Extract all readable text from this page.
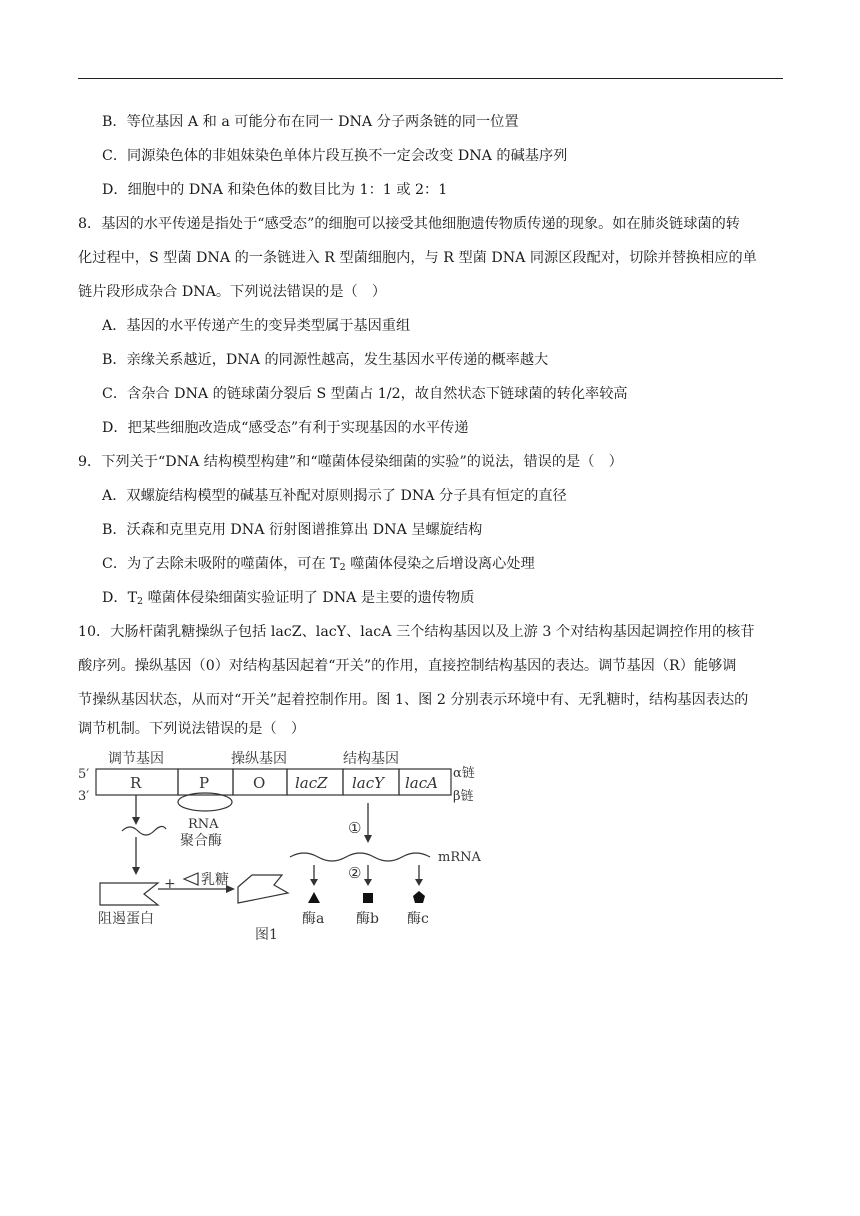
B．等位基因 A 和 a 可能分布在同一 DNA 分子两条链的同一位置
C．同源染色体的非姐妹染色单体片段互换不一定会改变 DNA 的碱基序列
D．细胞中的 DNA 和染色体的数目比为 1：1 或 2：1
8．基因的水平传递是指处于“感受态”的细胞可以接受其他细胞遗传物质传递的现象。如在肺炎链球菌的转
化过程中，S 型菌 DNA 的一条链进入 R 型菌细胞内，与 R 型菌 DNA 同源区段配对，切除并替换相应的单
链片段形成杂合 DNA。下列说法错误的是（　）
A．基因的水平传递产生的变异类型属于基因重组
B．亲缘关系越近，DNA 的同源性越高，发生基因水平传递的概率越大
C．含杂合 DNA 的链球菌分裂后 S 型菌占 1/2，故自然状态下链球菌的转化率较高
D．把某些细胞改造成“感受态”有利于实现基因的水平传递
9．下列关于“DNA 结构模型构建”和“噬菌体侵染细菌的实验”的说法，错误的是（　）
A．双螺旋结构模型的碱基互补配对原则揭示了 DNA 分子具有恒定的直径
B．沃森和克里克用 DNA 衍射图谱推算出 DNA 呈螺旋结构
C．为了去除未吸附的噬菌体，可在 $T_2$ 噬菌体侵染之后增设离心处理
D．$T_2$ 噬菌体侵染细菌实验证明了 DNA 是主要的遗传物质
10．大肠杆菌乳糖操纵子包括 lacZ、lacY、lacA 三个结构基因以及上游 3 个对结构基因起调控作用的核苷
酸序列。操纵基因（0）对结构基因起着“开关”的作用，直接控制结构基因的表达。调节基因（R）能够调
节操纵基因状态，从而对“开关”起着控制作用。图 1、图 2 分别表示环境中有、无乳糖时，结构基因表达的
调节机制。下列说法错误的是（　）
调节基因	操纵基因	结构基因
5′
3′
α链
β链
R	P	O lacZ lacY lacA
RNA
聚合酶
①
②
mRNA
阻遏蛋白
+ 乳糖
酶a 酶b 酶c
图1
